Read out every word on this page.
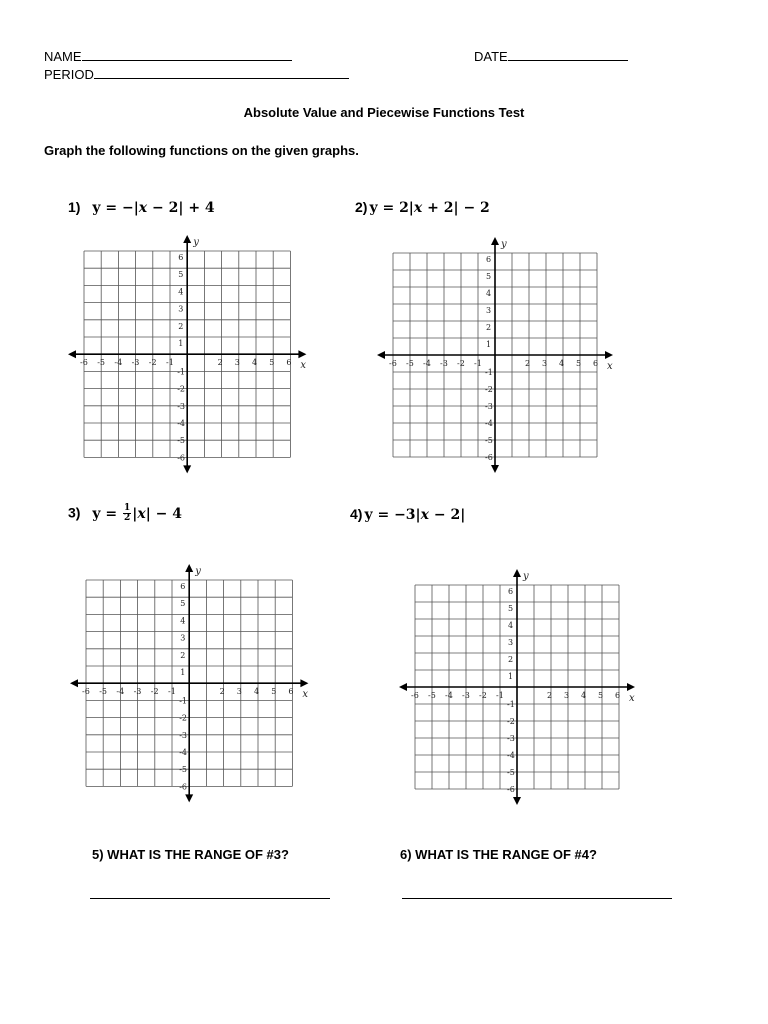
NAME	DATE
PERIOD
Absolute Value and Piecewise Functions Test
Graph the following functions on the given graphs.
1) y = −|x − 2| + 4	2) y = 2|x + 2| − 2
3) $y = \frac{1}{2} |x| - 4$	4) y = −3|x − 2|
x
y
-6 -5 -4 -3 -2 -1	2 3 4 5 6
6
5
4
3
2
1
-1
-2
-3
-4
-5
-6
x
y
-6 -5 -4 -3 -2 -1	2 3 4 5 6
6
5
4
3
2
1
-1
-2
-3
-4
-5
-6
x
y
-6 -5 -4 -3 -2 -1	2 3 4 5 6
6
5
4
3
2
1
-1
-2
-3
-4
-5
-6
x
y
-6 -5 -4 -3 -2 -1	2 3 4 5 6
6
5
4
3
2
1
-1
-2
-3
-4
-5
-6
5) WHAT IS THE RANGE OF #3?	6) WHAT IS THE RANGE OF #4?
